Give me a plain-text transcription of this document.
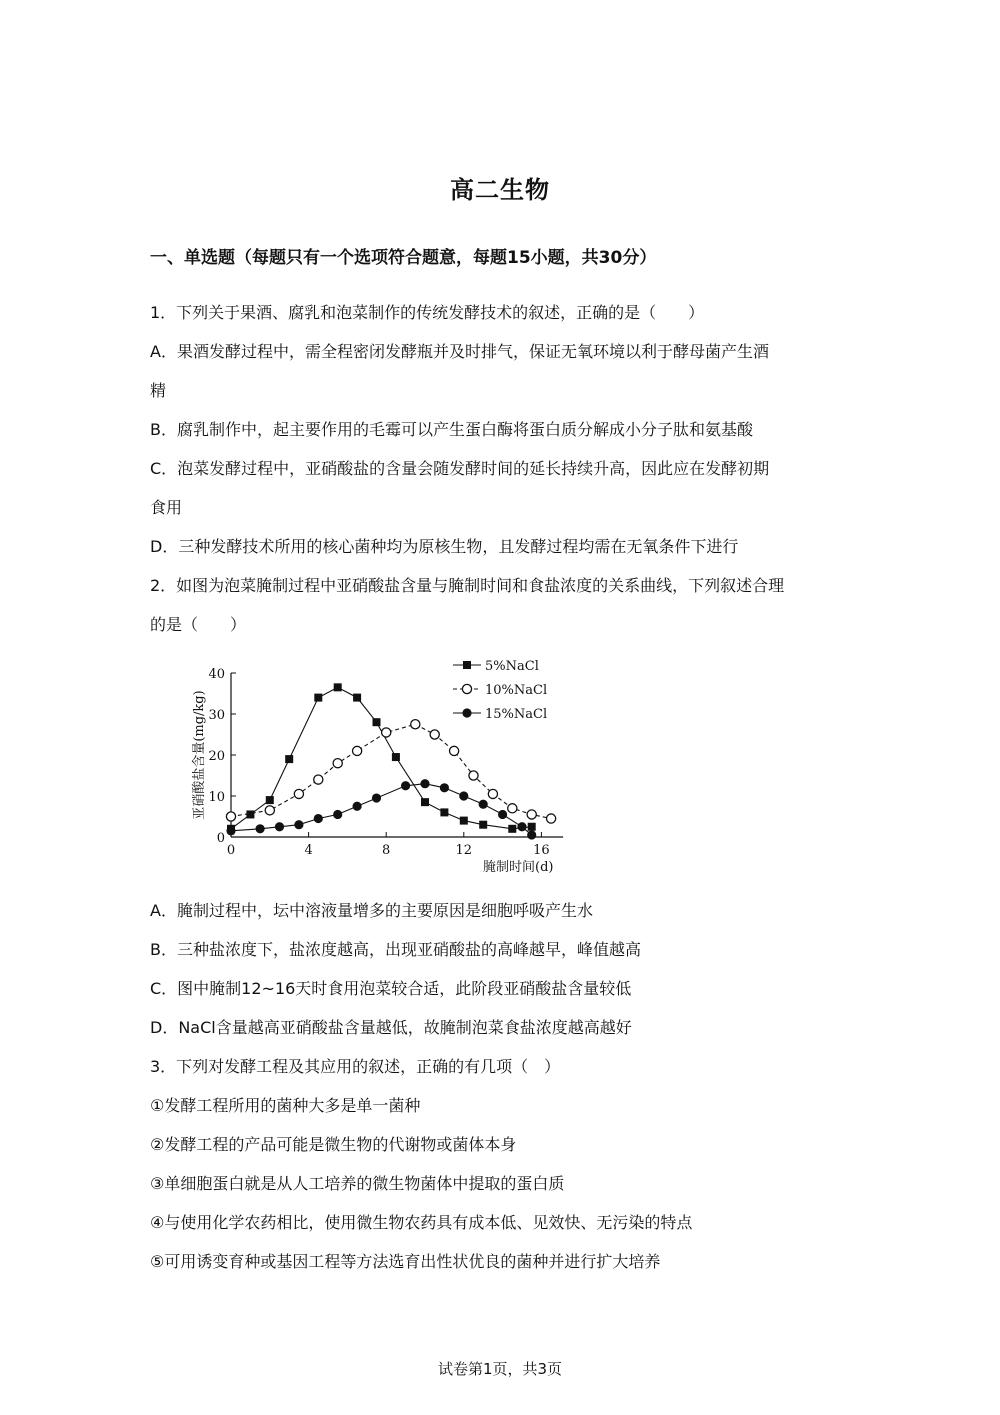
高二生物
一、单选题（每题只有一个选项符合题意，每题15小题，共30分）
1．下列关于果酒、腐乳和泡菜制作的传统发酵技术的叙述，正确的是（　　）
A．果酒发酵过程中，需全程密闭发酵瓶并及时排气，保证无氧环境以利于酵母菌产生酒
精
B．腐乳制作中，起主要作用的毛霉可以产生蛋白酶将蛋白质分解成小分子肽和氨基酸
C．泡菜发酵过程中，亚硝酸盐的含量会随发酵时间的延长持续升高，因此应在发酵初期
食用
D．三种发酵技术所用的核心菌种均为原核生物，且发酵过程均需在无氧条件下进行
2．如图为泡菜腌制过程中亚硝酸盐含量与腌制时间和食盐浓度的关系曲线，下列叙述合理
的是（　　）
0
10
20
30
40
0	4	8	12	16
5%NaCl
10%NaCl
15%NaCl
腌制时间(d)
亚硝酸盐含量(mg/kg)
A．腌制过程中，坛中溶液量增多的主要原因是细胞呼吸产生水
B．三种盐浓度下，盐浓度越高，出现亚硝酸盐的高峰越早，峰值越高
C．图中腌制12~16天时食用泡菜较合适，此阶段亚硝酸盐含量较低
D．NaCl含量越高亚硝酸盐含量越低，故腌制泡菜食盐浓度越高越好
3．下列对发酵工程及其应用的叙述，正确的有几项（　）
①发酵工程所用的菌种大多是单一菌种
②发酵工程的产品可能是微生物的代谢物或菌体本身
③单细胞蛋白就是从人工培养的微生物菌体中提取的蛋白质
④与使用化学农药相比，使用微生物农药具有成本低、见效快、无污染的特点
⑤可用诱变育种或基因工程等方法选育出性状优良的菌种并进行扩大培养
试卷第1页，共3页
